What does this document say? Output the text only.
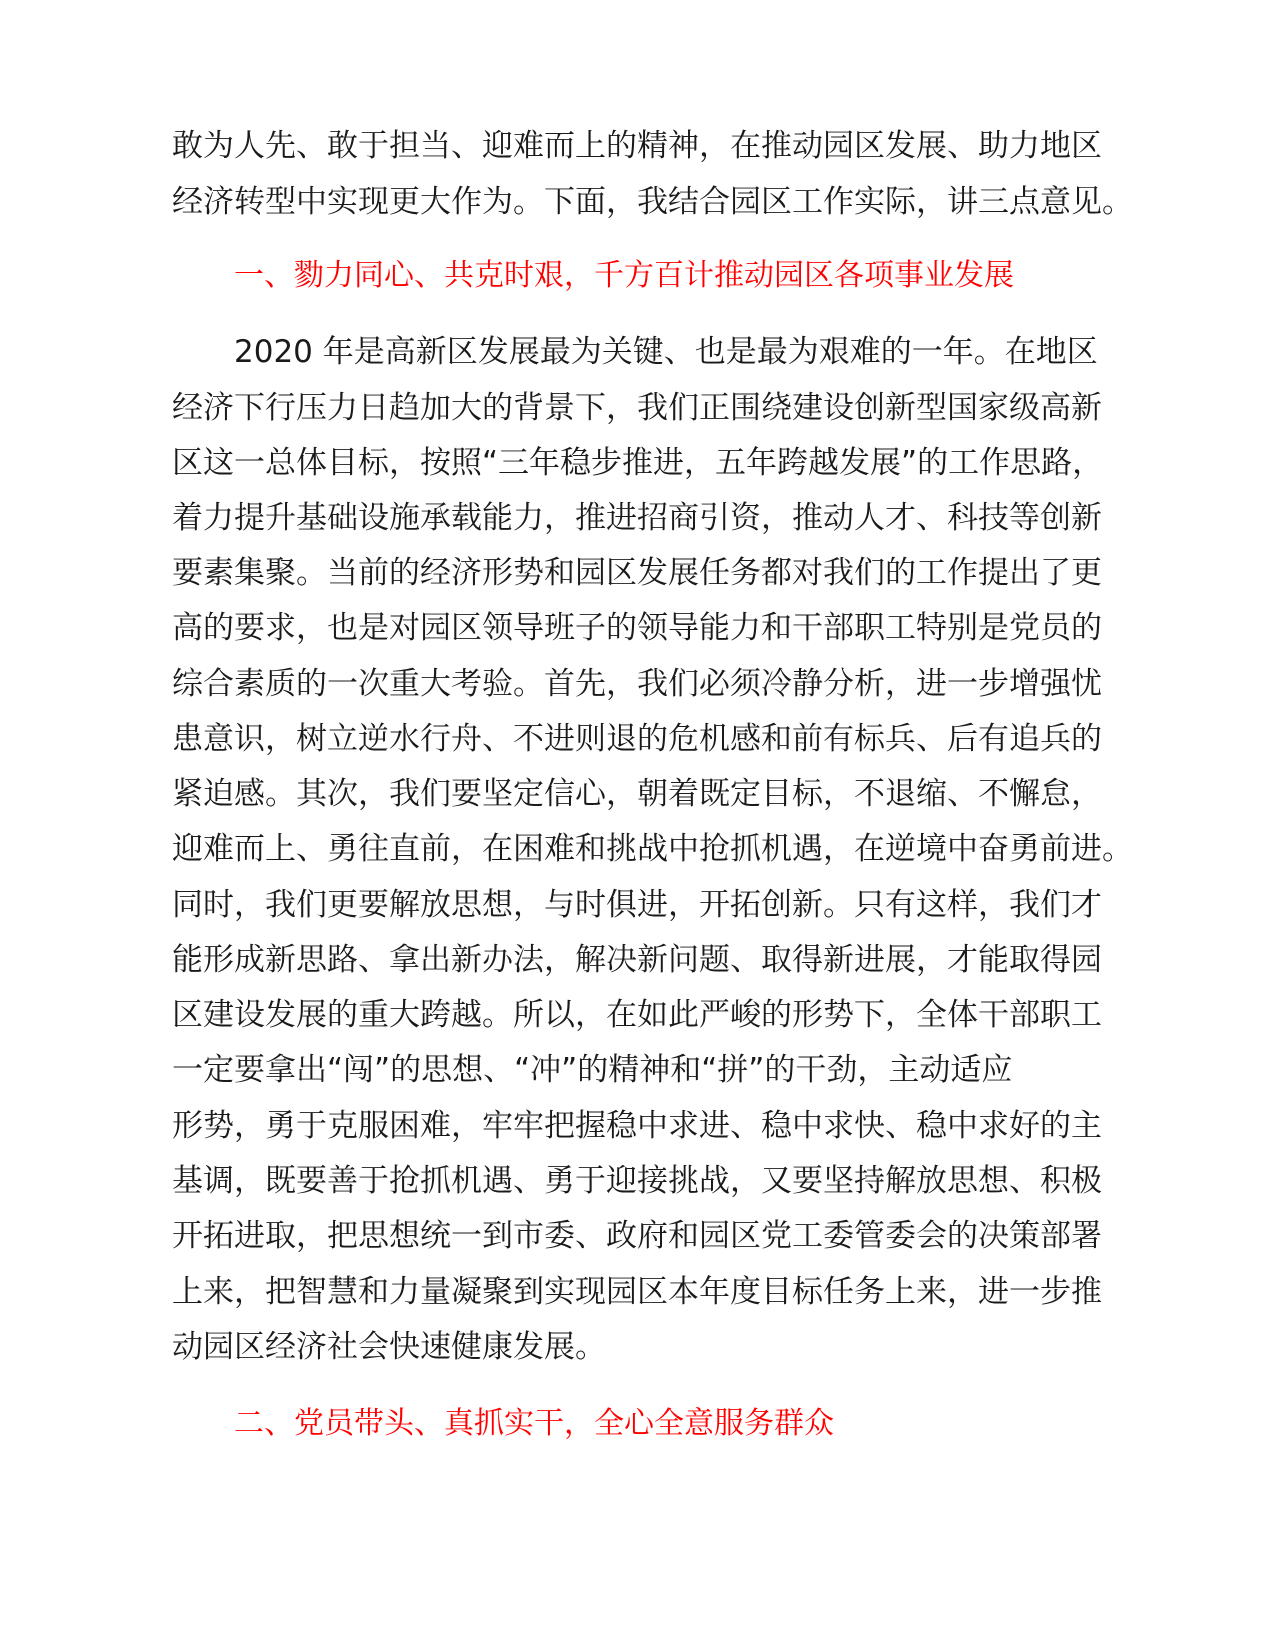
敢为人先、敢于担当、迎难而上的精神，在推动园区发展、助力地区
经济转型中实现更大作为。下面，我结合园区工作实际，讲三点意见。
一、勠力同心、共克时艰，千方百计推动园区各项事业发展
2020 年是高新区发展最为关键、也是最为艰难的一年。在地区
经济下行压力日趋加大的背景下，我们正围绕建设创新型国家级高新
区这一总体目标，按照“三年稳步推进，五年跨越发展”的工作思路，
着力提升基础设施承载能力，推进招商引资，推动人才、科技等创新
要素集聚。当前的经济形势和园区发展任务都对我们的工作提出了更
高的要求，也是对园区领导班子的领导能力和干部职工特别是党员的
综合素质的一次重大考验。首先，我们必须冷静分析，进一步增强忧
患意识，树立逆水行舟、不进则退的危机感和前有标兵、后有追兵的
紧迫感。其次，我们要坚定信心，朝着既定目标，不退缩、不懈怠，
迎难而上、勇往直前，在困难和挑战中抢抓机遇，在逆境中奋勇前进。
同时，我们更要解放思想，与时俱进，开拓创新。只有这样，我们才
能形成新思路、拿出新办法，解决新问题、取得新进展，才能取得园
区建设发展的重大跨越。所以，在如此严峻的形势下，全体干部职工
一定要拿出“闯”的思想、“冲”的精神和“拼”的干劲，主动适应
形势，勇于克服困难，牢牢把握稳中求进、稳中求快、稳中求好的主
基调，既要善于抢抓机遇、勇于迎接挑战，又要坚持解放思想、积极
开拓进取，把思想统一到市委、政府和园区党工委管委会的决策部署
上来，把智慧和力量凝聚到实现园区本年度目标任务上来，进一步推
动园区经济社会快速健康发展。
二、党员带头、真抓实干，全心全意服务群众
